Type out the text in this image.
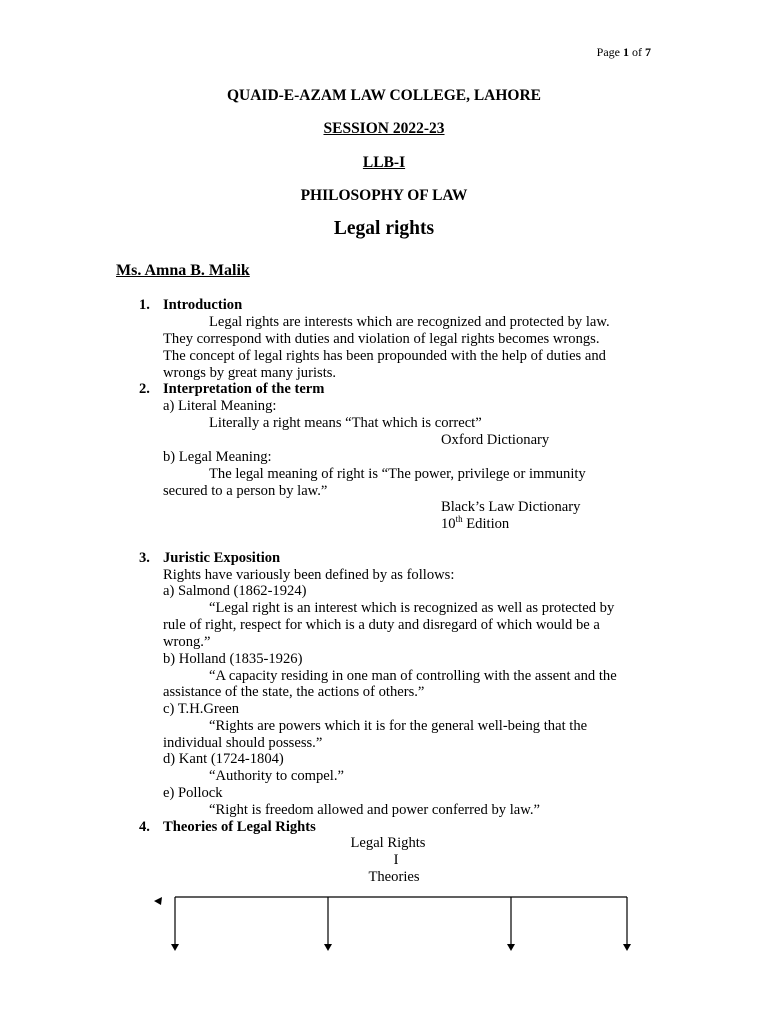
Page 1 of 7
QUAID-E-AZAM LAW COLLEGE, LAHORE
SESSION 2022-23
LLB-I
PHILOSOPHY OF LAW
Legal rights
Ms. Amna B. Malik
1. Introduction
Legal rights are interests which are recognized and protected by law.
They correspond with duties and violation of legal rights becomes wrongs.
The concept of legal rights has been propounded with the help of duties and
wrongs by great many jurists.
2. Interpretation of the term
a) Literal Meaning:
Literally a right means “That which is correct”
Oxford Dictionary
b) Legal Meaning:
The legal meaning of right is “The power, privilege or immunity
secured to a person by law.”
Black’s Law Dictionary
10th Edition
3. Juristic Exposition
Rights have variously been defined by as follows:
a) Salmond (1862-1924)
“Legal right is an interest which is recognized as well as protected by
rule of right, respect for which is a duty and disregard of which would be a
wrong.”
b) Holland (1835-1926)
“A capacity residing in one man of controlling with the assent and the
assistance of the state, the actions of others.”
c) T.H.Green
“Rights are powers which it is for the general well-being that the
individual should possess.”
d) Kant (1724-1804)
“Authority to compel.”
e) Pollock
“Right is freedom allowed and power conferred by law.”
4. Theories of Legal Rights
Legal Rights
I
Theories
